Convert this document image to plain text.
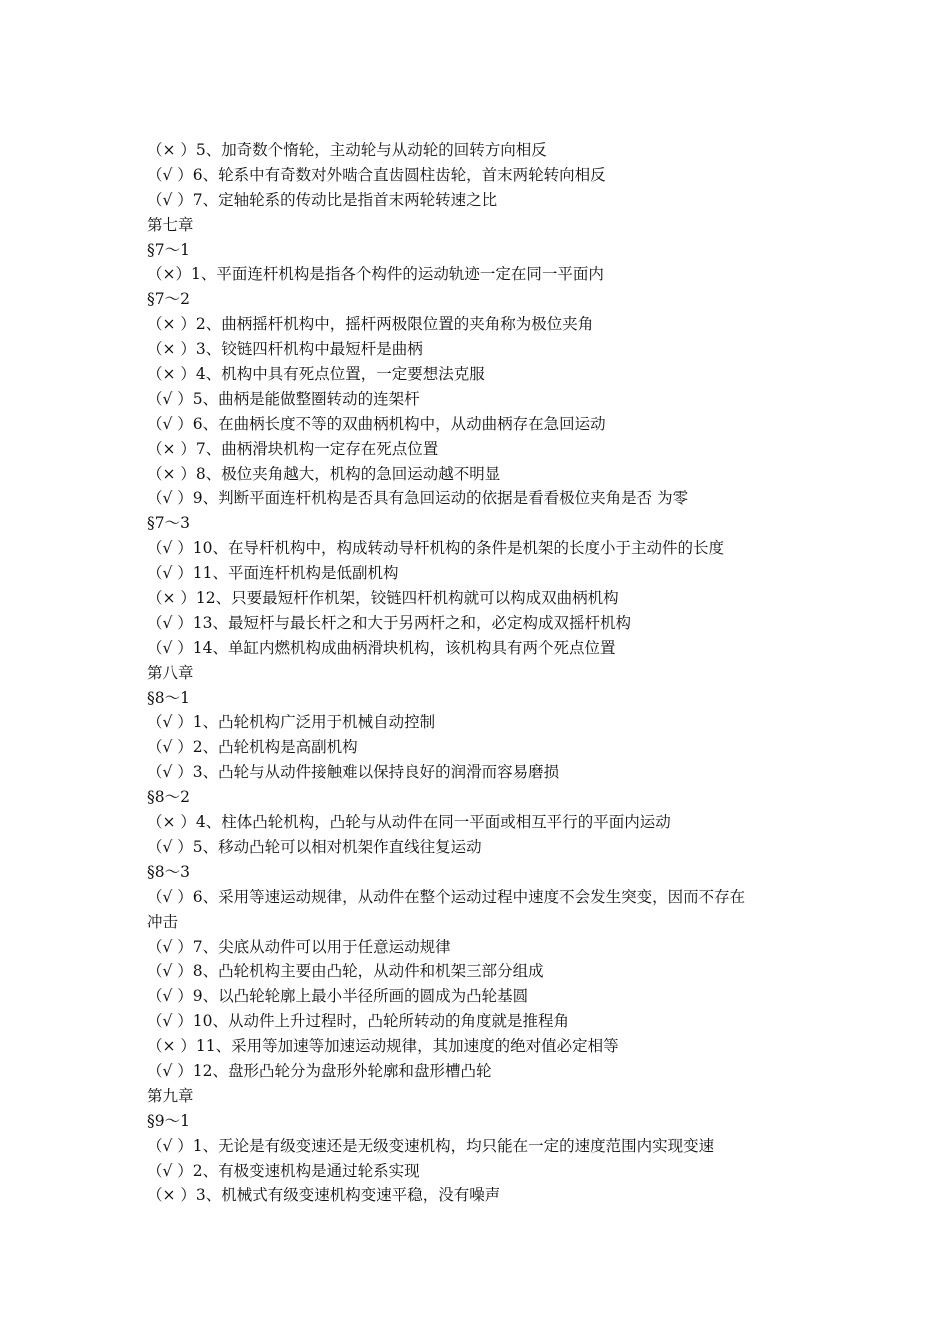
（× ）5、加奇数个惰轮，主动轮与从动轮的回转方向相反
（√ ）6、轮系中有奇数对外啮合直齿圆柱齿轮，首末两轮转向相反
（√ ）7、定轴轮系的传动比是指首末两轮转速之比
第七章
§7～1
（×）1、平面连杆机构是指各个构件的运动轨迹一定在同一平面内
§7～2
（× ）2、曲柄摇杆机构中，摇杆两极限位置的夹角称为极位夹角
（× ）3、铰链四杆机构中最短杆是曲柄
（× ）4、机构中具有死点位置，一定要想法克服
（√ ）5、曲柄是能做整圈转动的连架杆
（√ ）6、在曲柄长度不等的双曲柄机构中，从动曲柄存在急回运动
（× ）7、曲柄滑块机构一定存在死点位置
（× ）8、极位夹角越大，机构的急回运动越不明显
（√ ）9、判断平面连杆机构是否具有急回运动的依据是看看极位夹角是否 为零
§7～3
（√ ）10、在导杆机构中，构成转动导杆机构的条件是机架的长度小于主动件的长度
（√ ）11、平面连杆机构是低副机构
（× ）12、只要最短杆作机架，铰链四杆机构就可以构成双曲柄机构
（√ ）13、最短杆与最长杆之和大于另两杆之和，必定构成双摇杆机构
（√ ）14、单缸内燃机构成曲柄滑块机构，该机构具有两个死点位置
第八章
§8～1
（√ ）1、凸轮机构广泛用于机械自动控制
（√ ）2、凸轮机构是高副机构
（√ ）3、凸轮与从动件接触难以保持良好的润滑而容易磨损
§8～2
（× ）4、柱体凸轮机构，凸轮与从动件在同一平面或相互平行的平面内运动
（√ ）5、移动凸轮可以相对机架作直线往复运动
§8～3
（√ ）6、采用等速运动规律，从动件在整个运动过程中速度不会发生突变，因而不存在
冲击
（√ ）7、尖底从动件可以用于任意运动规律
（√ ）8、凸轮机构主要由凸轮，从动件和机架三部分组成
（√ ）9、以凸轮轮廓上最小半径所画的圆成为凸轮基圆
（√ ）10、从动件上升过程时，凸轮所转动的角度就是推程角
（× ）11、采用等加速等加速运动规律，其加速度的绝对值必定相等
（√ ）12、盘形凸轮分为盘形外轮廓和盘形槽凸轮
第九章
§9～1
（√ ）1、无论是有级变速还是无级变速机构，均只能在一定的速度范围内实现变速
（√ ）2、有极变速机构是通过轮系实现
（× ）3、机械式有级变速机构变速平稳，没有噪声
